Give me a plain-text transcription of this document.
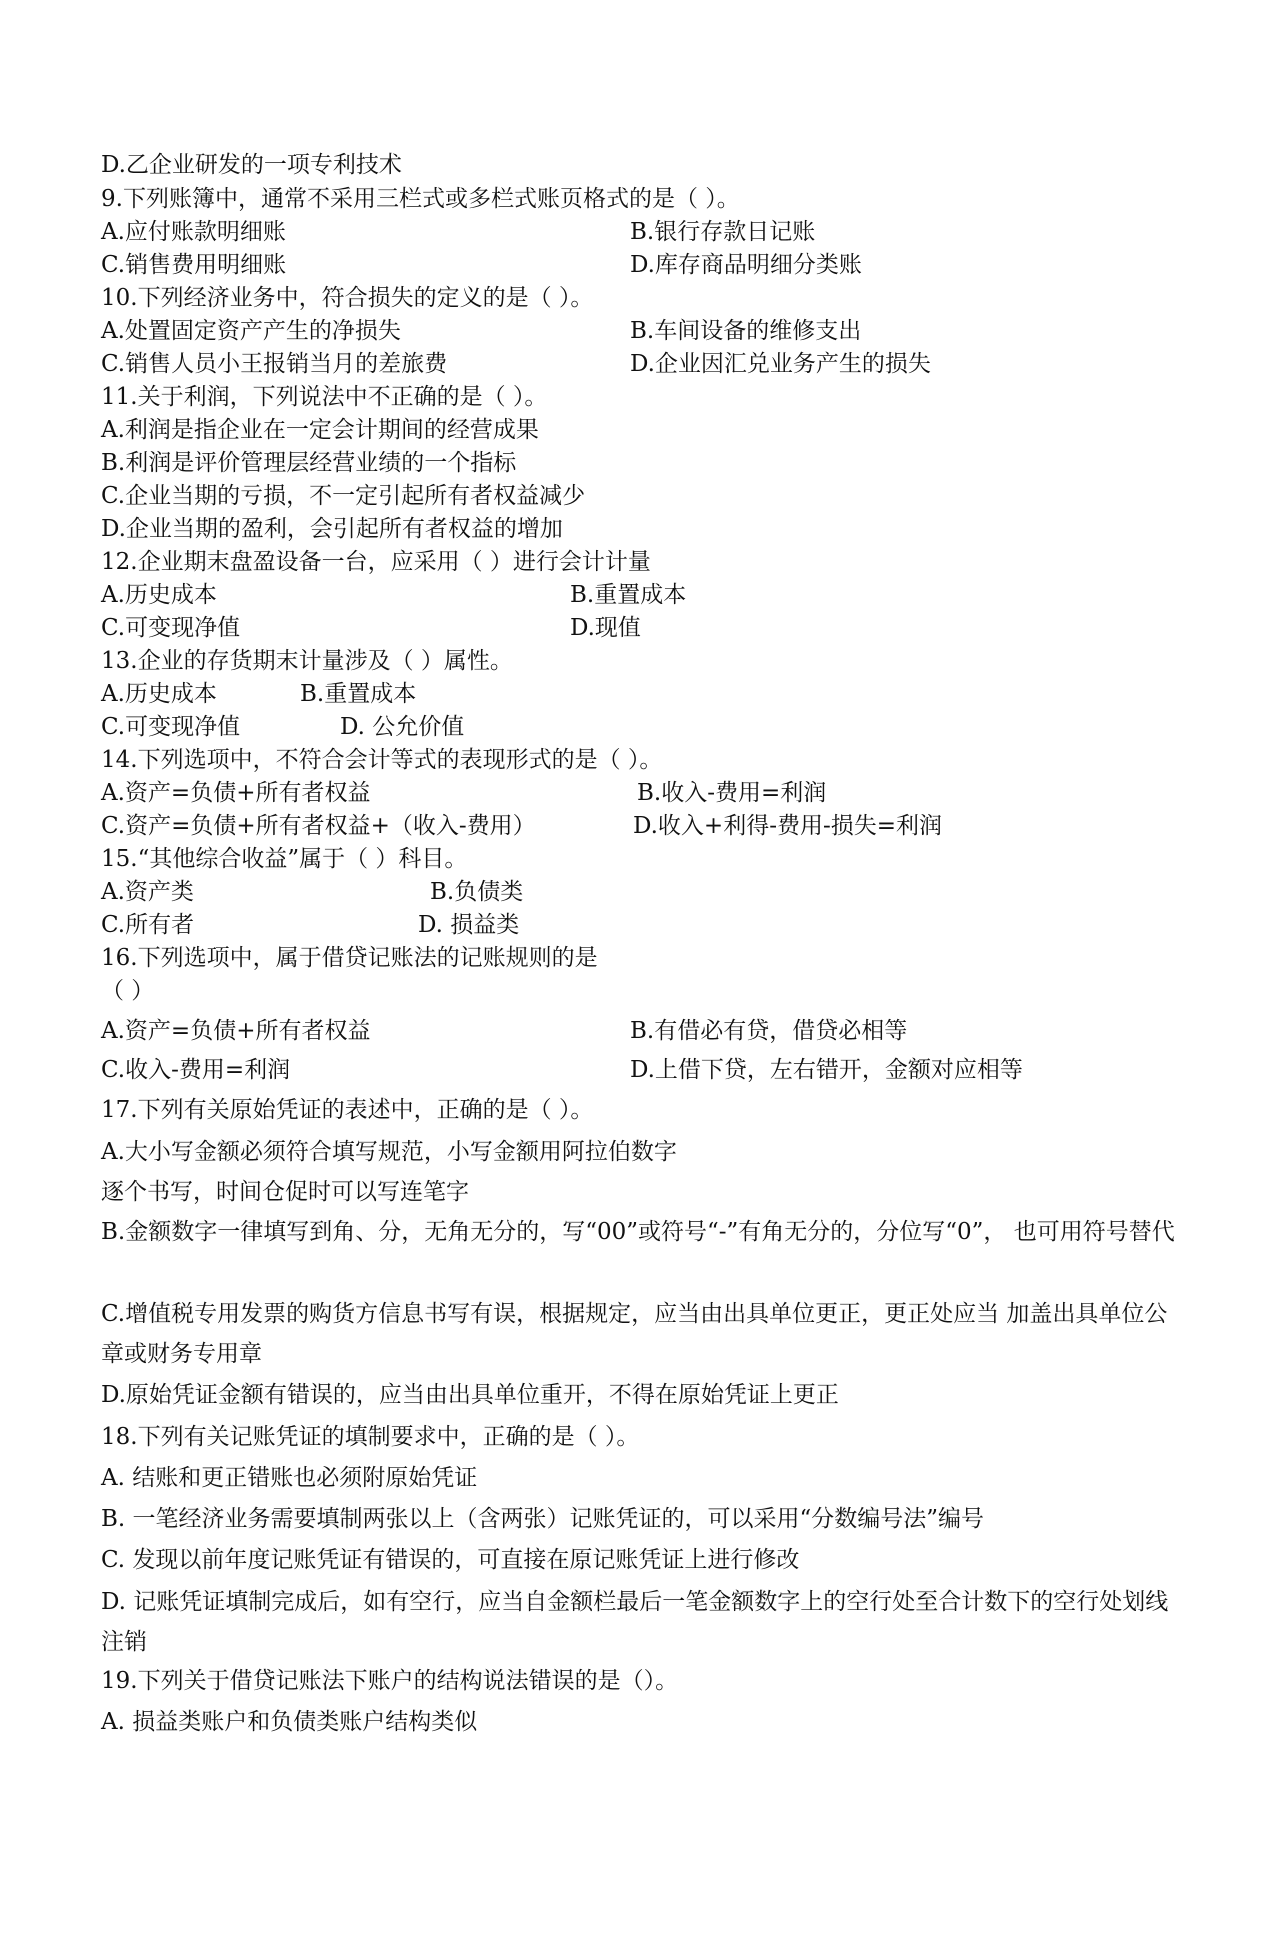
D.乙企业研发的一项专利技术
9.下列账簿中，通常不采用三栏式或多栏式账页格式的是（ ）。
A.应付账款明细账	B.银行存款日记账
C.销售费用明细账	D.库存商品明细分类账
10.下列经济业务中，符合损失的定义的是（ ）。
A.处置固定资产产生的净损失	B.车间设备的维修支出
C.销售人员小王报销当月的差旅费	D.企业因汇兑业务产生的损失
11.关于利润，下列说法中不正确的是（ ）。
A.利润是指企业在一定会计期间的经营成果
B.利润是评价管理层经营业绩的一个指标
C.企业当期的亏损，不一定引起所有者权益减少
D.企业当期的盈利，会引起所有者权益的增加
12.企业期末盘盈设备一台，应采用（ ）进行会计计量
A.历史成本	B.重置成本
C.可变现净值	D.现值
13.企业的存货期末计量涉及（ ）属性。
A.历史成本	B.重置成本
C.可变现净值	D. 公允价值
14.下列选项中，不符合会计等式的表现形式的是（ ）。
A.资产=负债+所有者权益	B.收入-费用=利润
C.资产=负债+所有者权益+（收入-费用）	D.收入+利得-费用-损失=利润
15.“其他综合收益”属于（ ）科目。
A.资产类	B.负债类
C.所有者	D. 损益类
16.下列选项中，属于借贷记账法的记账规则的是
（ ）
A.资产=负债+所有者权益	B.有借必有贷，借贷必相等
C.收入-费用=利润	D.上借下贷，左右错开，金额对应相等
17.下列有关原始凭证的表述中，正确的是（ ）。
A.大小写金额必须符合填写规范，小写金额用阿拉伯数字
逐个书写，时间仓促时可以写连笔字
B.金额数字一律填写到角、分，无角无分的，写“00”或符号“-”有角无分的，分位写“0”， 也可用符号替代
C.增值税专用发票的购货方信息书写有误，根据规定，应当由出具单位更正，更正处应当 加盖出具单位公章或财务专用章
D.原始凭证金额有错误的，应当由出具单位重开，不得在原始凭证上更正
18.下列有关记账凭证的填制要求中，正确的是（ ）。
A. 结账和更正错账也必须附原始凭证
B. 一笔经济业务需要填制两张以上（含两张）记账凭证的，可以采用“分数编号法”编号
C. 发现以前年度记账凭证有错误的，可直接在原记账凭证上进行修改
D. 记账凭证填制完成后，如有空行，应当自金额栏最后一笔金额数字上的空行处至合计数下的空行处划线注销
19.下列关于借贷记账法下账户的结构说法错误的是（）。
A. 损益类账户和负债类账户结构类似
